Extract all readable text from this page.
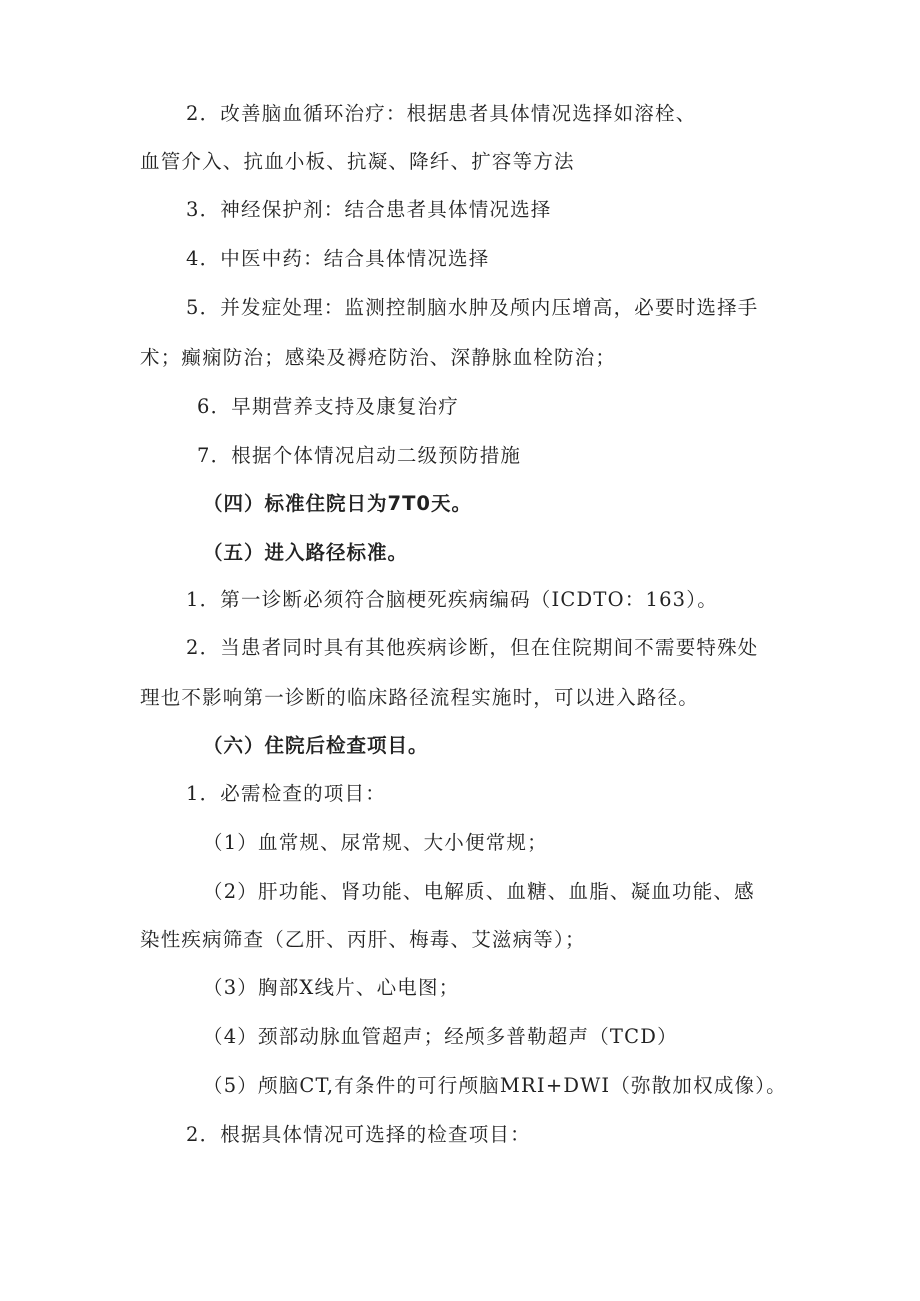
2．改善脑血循环治疗：根据患者具体情况选择如溶栓、
血管介入、抗血小板、抗凝、降纤、扩容等方法
3．神经保护剂：结合患者具体情况选择
4．中医中药：结合具体情况选择
5．并发症处理：监测控制脑水肿及颅内压增高，必要时选择手
术；癫痫防治；感染及褥疮防治、深静脉血栓防治；
6．早期营养支持及康复治疗
7．根据个体情况启动二级预防措施
（四）标准住院日为7T0天。
（五）进入路径标准。
1．第一诊断必须符合脑梗死疾病编码（ICDTO：163）。
2．当患者同时具有其他疾病诊断，但在住院期间不需要特殊处
理也不影响第一诊断的临床路径流程实施时，可以进入路径。
（六）住院后检查项目。
1．必需检查的项目：
（1）血常规、尿常规、大小便常规；
（2）肝功能、肾功能、电解质、血糖、血脂、凝血功能、感
染性疾病筛查（乙肝、丙肝、梅毒、艾滋病等）；
（3）胸部X线片、心电图；
（4）颈部动脉血管超声；经颅多普勒超声（TCD）
（5）颅脑CT,有条件的可行颅脑MRI+DWI（弥散加权成像）。
2．根据具体情况可选择的检查项目：
